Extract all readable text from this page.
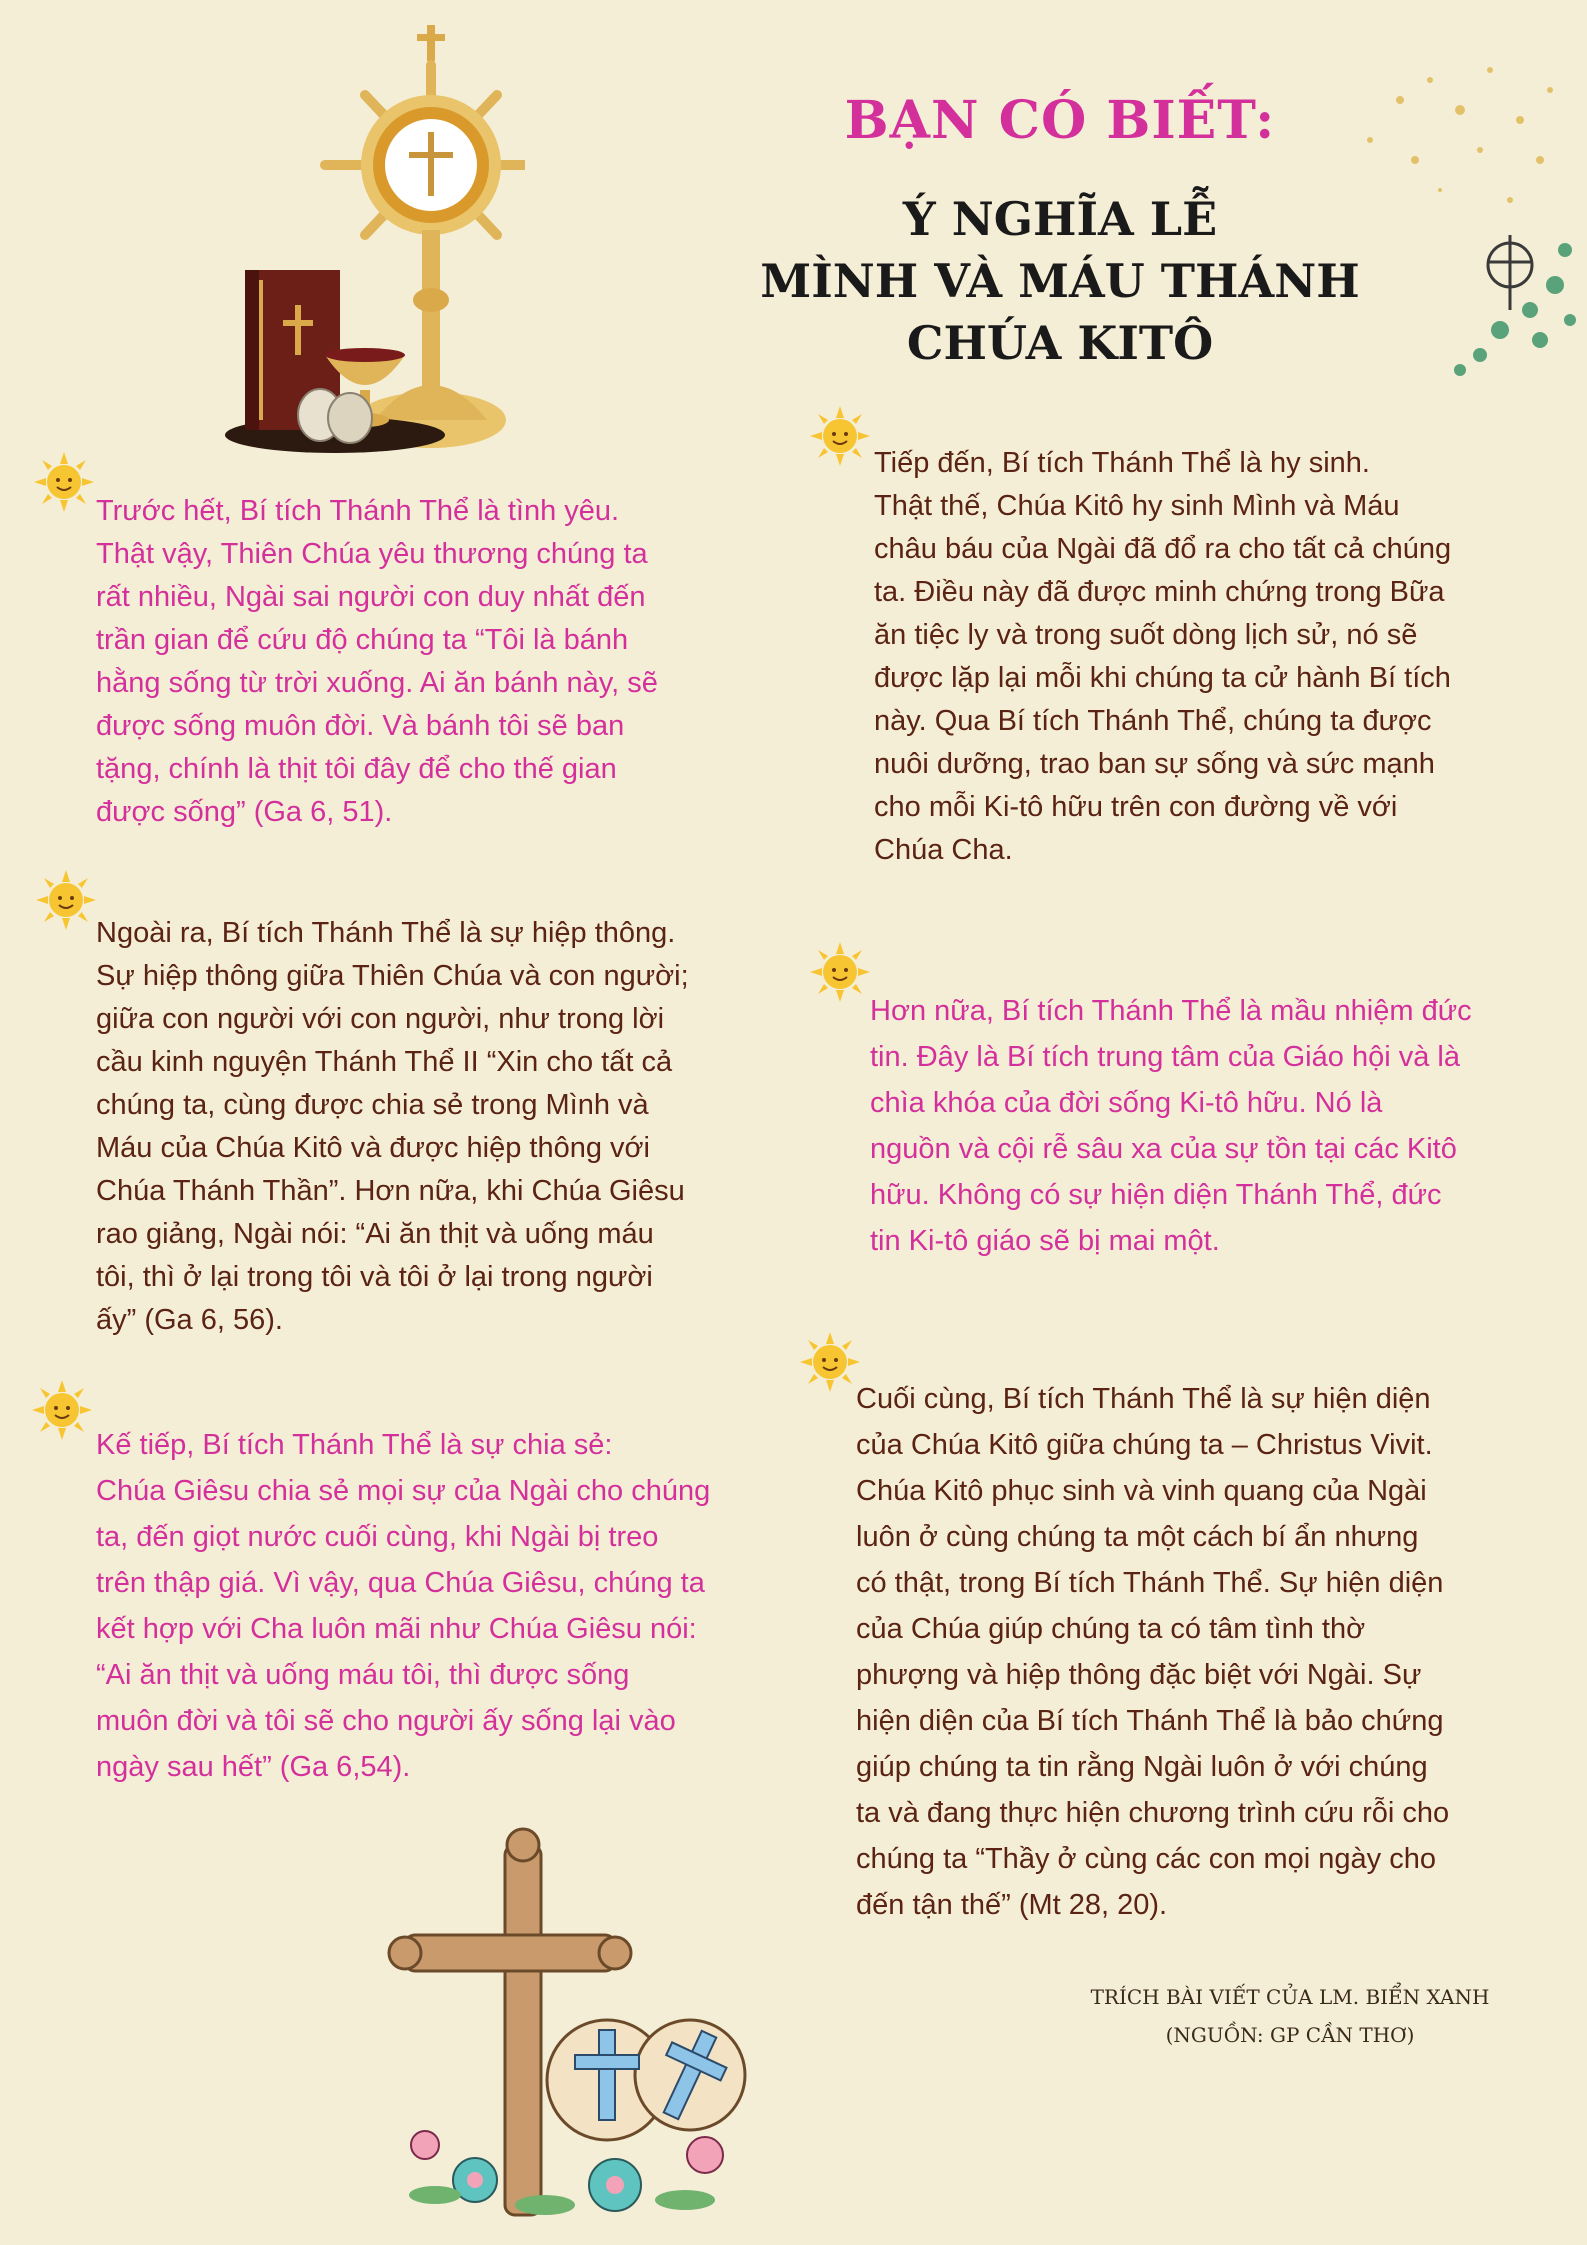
BẠN CÓ BIẾT:
Ý NGHĨA LỄ
MÌNH VÀ MÁU THÁNH
CHÚA KITÔ
Trước hết, Bí tích Thánh Thể là tình yêu.
Thật vậy, Thiên Chúa yêu thương chúng ta
rất nhiều, Ngài sai người con duy nhất đến
trần gian để cứu độ chúng ta “Tôi là bánh
hằng sống từ trời xuống. Ai ăn bánh này, sẽ
được sống muôn đời. Và bánh tôi sẽ ban
tặng, chính là thịt tôi đây để cho thế gian
được sống” (Ga 6, 51).
Ngoài ra, Bí tích Thánh Thể là sự hiệp thông.
Sự hiệp thông giữa Thiên Chúa và con người;
giữa con người với con người, như trong lời
cầu kinh nguyện Thánh Thể II “Xin cho tất cả
chúng ta, cùng được chia sẻ trong Mình và
Máu của Chúa Kitô và được hiệp thông với
Chúa Thánh Thần”. Hơn nữa, khi Chúa Giêsu
rao giảng, Ngài nói: “Ai ăn thịt và uống máu
tôi, thì ở lại trong tôi và tôi ở lại trong người
ấy” (Ga 6, 56).
Kế tiếp, Bí tích Thánh Thể là sự chia sẻ:
Chúa Giêsu chia sẻ mọi sự của Ngài cho chúng
ta, đến giọt nước cuối cùng, khi Ngài bị treo
trên thập giá. Vì vậy, qua Chúa Giêsu, chúng ta
kết hợp với Cha luôn mãi như Chúa Giêsu nói:
“Ai ăn thịt và uống máu tôi, thì được sống
muôn đời và tôi sẽ cho người ấy sống lại vào
ngày sau hết” (Ga 6,54).
Tiếp đến, Bí tích Thánh Thể là hy sinh.
Thật thế, Chúa Kitô hy sinh Mình và Máu
châu báu của Ngài đã đổ ra cho tất cả chúng
ta. Điều này đã được minh chứng trong Bữa
ăn tiệc ly và trong suốt dòng lịch sử, nó sẽ
được lặp lại mỗi khi chúng ta cử hành Bí tích
này. Qua Bí tích Thánh Thể, chúng ta được
nuôi dưỡng, trao ban sự sống và sức mạnh
cho mỗi Ki-tô hữu trên con đường về với
Chúa Cha.
Hơn nữa, Bí tích Thánh Thể là mầu nhiệm đức
tin. Đây là Bí tích trung tâm của Giáo hội và là
chìa khóa của đời sống Ki-tô hữu. Nó là
nguồn và cội rễ sâu xa của sự tồn tại các Kitô
hữu. Không có sự hiện diện Thánh Thể, đức
tin Ki-tô giáo sẽ bị mai một.
Cuối cùng, Bí tích Thánh Thể là sự hiện diện
của Chúa Kitô giữa chúng ta – Christus Vivit.
Chúa Kitô phục sinh và vinh quang của Ngài
luôn ở cùng chúng ta một cách bí ẩn nhưng
có thật, trong Bí tích Thánh Thể. Sự hiện diện
của Chúa giúp chúng ta có tâm tình thờ
phượng và hiệp thông đặc biệt với Ngài. Sự
hiện diện của Bí tích Thánh Thể là bảo chứng
giúp chúng ta tin rằng Ngài luôn ở với chúng
ta và đang thực hiện chương trình cứu rỗi cho
chúng ta “Thầy ở cùng các con mọi ngày cho
đến tận thế” (Mt 28, 20).
TRÍCH BÀI VIẾT CỦA LM. BIỂN XANH
(NGUỒN: GP CẦN THƠ)
